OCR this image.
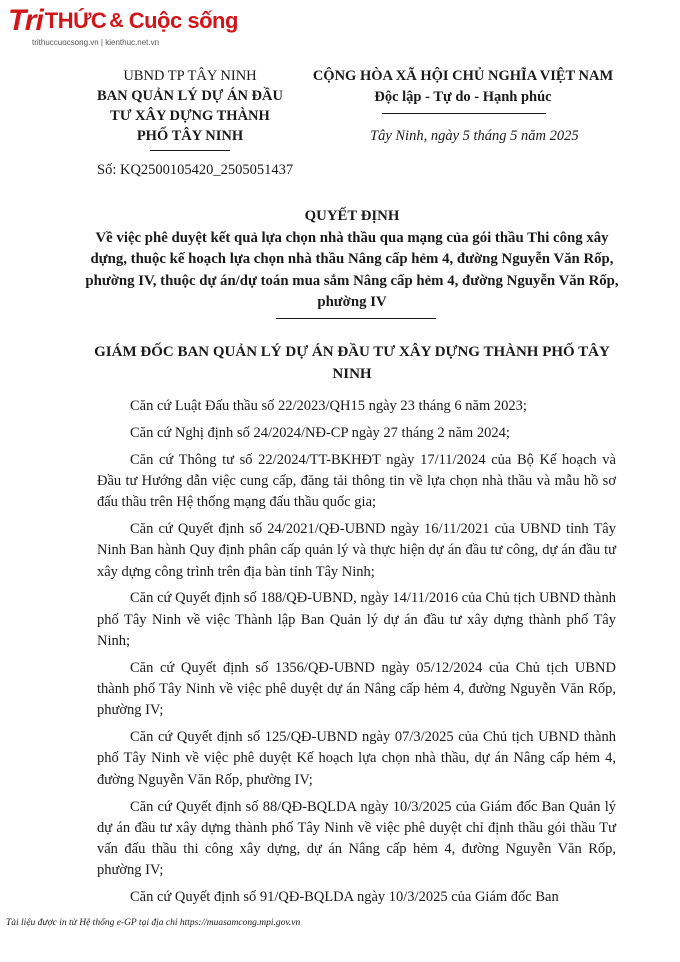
Tri THỨC & Cuộc sống
trithuccuocsong.vn | kienthuc.net.vn
UBND TP TÂY NINH
BAN QUẢN LÝ DỰ ÁN ĐẦU
TƯ XÂY DỰNG THÀNH
PHỐ TÂY NINH
CỘNG HÒA XÃ HỘI CHỦ NGHĨA VIỆT NAM
Độc lập - Tự do - Hạnh phúc
Tây Ninh, ngày 5 tháng 5 năm 2025
Số: KQ2500105420_2505051437
QUYẾT ĐỊNH
Về việc phê duyệt kết quả lựa chọn nhà thầu qua mạng của gói thầu Thi công xây dựng, thuộc kế hoạch lựa chọn nhà thầu Nâng cấp hẻm 4, đường Nguyễn Văn Rốp, phường IV, thuộc dự án/dự toán mua sắm Nâng cấp hẻm 4, đường Nguyễn Văn Rốp, phường IV
GIÁM ĐỐC BAN QUẢN LÝ DỰ ÁN ĐẦU TƯ XÂY DỰNG THÀNH PHỐ TÂY NINH

Căn cứ Luật Đấu thầu số 22/2023/QH15 ngày 23 tháng 6 năm 2023;

Căn cứ Nghị định số 24/2024/NĐ-CP ngày 27 tháng 2 năm 2024;

Căn cứ Thông tư số 22/2024/TT-BKHĐT ngày 17/11/2024 của Bộ Kế hoạch và Đầu tư Hướng dẫn việc cung cấp, đăng tải thông tin về lựa chọn nhà thầu và mẫu hồ sơ đấu thầu trên Hệ thống mạng đấu thầu quốc gia;

Căn cứ Quyết định số 24/2021/QĐ-UBND ngày 16/11/2021 của UBND tỉnh Tây Ninh Ban hành Quy định phân cấp quản lý và thực hiện dự án đầu tư công, dự án đầu tư xây dựng công trình trên địa bàn tỉnh Tây Ninh;

Căn cứ Quyết định số 188/QĐ-UBND, ngày 14/11/2016 của Chủ tịch UBND thành phố Tây Ninh về việc Thành lập Ban Quản lý dự án đầu tư xây dựng thành phố Tây Ninh;

Căn cứ Quyết định số 1356/QĐ-UBND ngày 05/12/2024 của Chủ tịch UBND thành phố Tây Ninh về việc phê duyệt dự án Nâng cấp hẻm 4, đường Nguyễn Văn Rốp, phường IV;

Căn cứ Quyết định số 125/QĐ-UBND ngày 07/3/2025 của Chủ tịch UBND thành phố Tây Ninh về việc phê duyệt Kế hoạch lựa chọn nhà thầu, dự án Nâng cấp hẻm 4, đường Nguyễn Văn Rốp, phường IV;

Căn cứ Quyết định số 88/QĐ-BQLDA ngày 10/3/2025 của Giám đốc Ban Quản lý dự án đầu tư xây dựng thành phố Tây Ninh về việc phê duyệt chỉ định thầu gói thầu Tư vấn đấu thầu thi công xây dựng, dự án Nâng cấp hẻm 4, đường Nguyễn Văn Rốp, phường IV;

Căn cứ Quyết định số 91/QĐ-BQLDA ngày 10/3/2025 của Giám đốc Ban

Tài liệu được in từ Hệ thống e-GP tại địa chỉ https://muasamcong.mpi.gov.vn
